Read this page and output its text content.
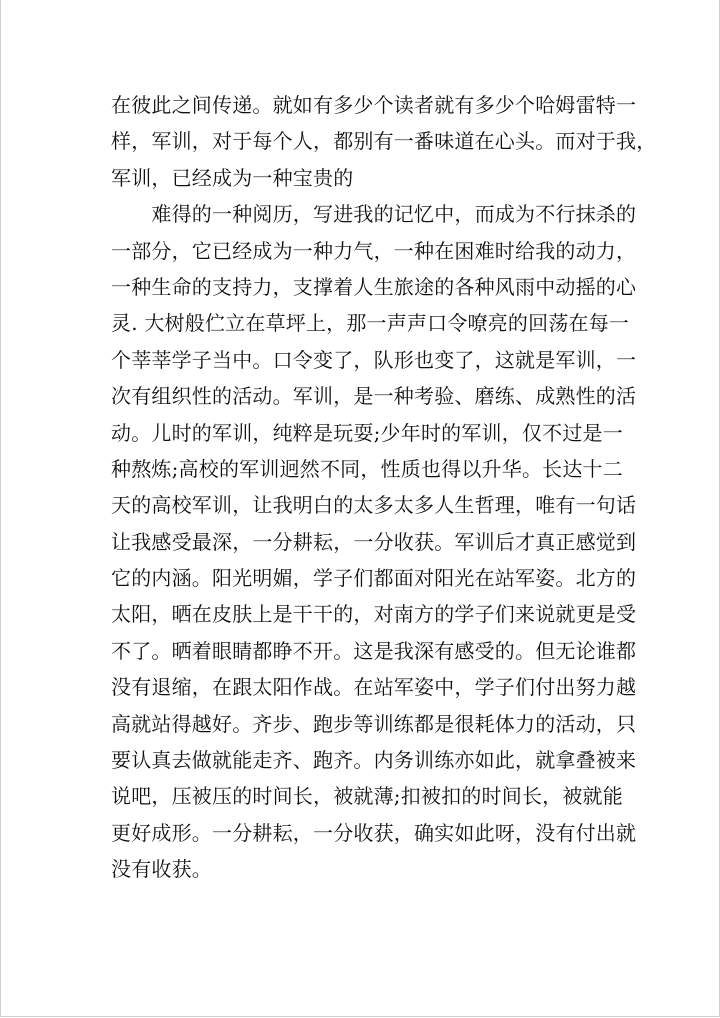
在彼此之间传递。就如有多少个读者就有多少个哈姆雷特一
样，军训，对于每个人，都别有一番味道在心头。而对于我，
军训，已经成为一种宝贵的
　　难得的一种阅历，写进我的记忆中，而成为不行抹杀的
一部分，它已经成为一种力气，一种在困难时给我的动力，
一种生命的支持力，支撑着人生旅途的各种风雨中动摇的心
灵. 大树般伫立在草坪上，那一声声口令嘹亮的回荡在每一
个莘莘学子当中。口令变了，队形也变了，这就是军训，一
次有组织性的活动。军训，是一种考验、磨练、成熟性的活
动。儿时的军训，纯粹是玩耍;少年时的军训，仅不过是一
种熬炼;高校的军训迥然不同，性质也得以升华。长达十二
天的高校军训，让我明白的太多太多人生哲理，唯有一句话
让我感受最深，一分耕耘，一分收获。军训后才真正感觉到
它的内涵。阳光明媚，学子们都面对阳光在站军姿。北方的
太阳，晒在皮肤上是干干的，对南方的学子们来说就更是受
不了。晒着眼睛都睁不开。这是我深有感受的。但无论谁都
没有退缩，在跟太阳作战。在站军姿中，学子们付出努力越
高就站得越好。齐步、跑步等训练都是很耗体力的活动，只
要认真去做就能走齐、跑齐。内务训练亦如此，就拿叠被来
说吧，压被压的时间长，被就薄;扣被扣的时间长，被就能
更好成形。一分耕耘，一分收获，确实如此呀，没有付出就
没有收获。
